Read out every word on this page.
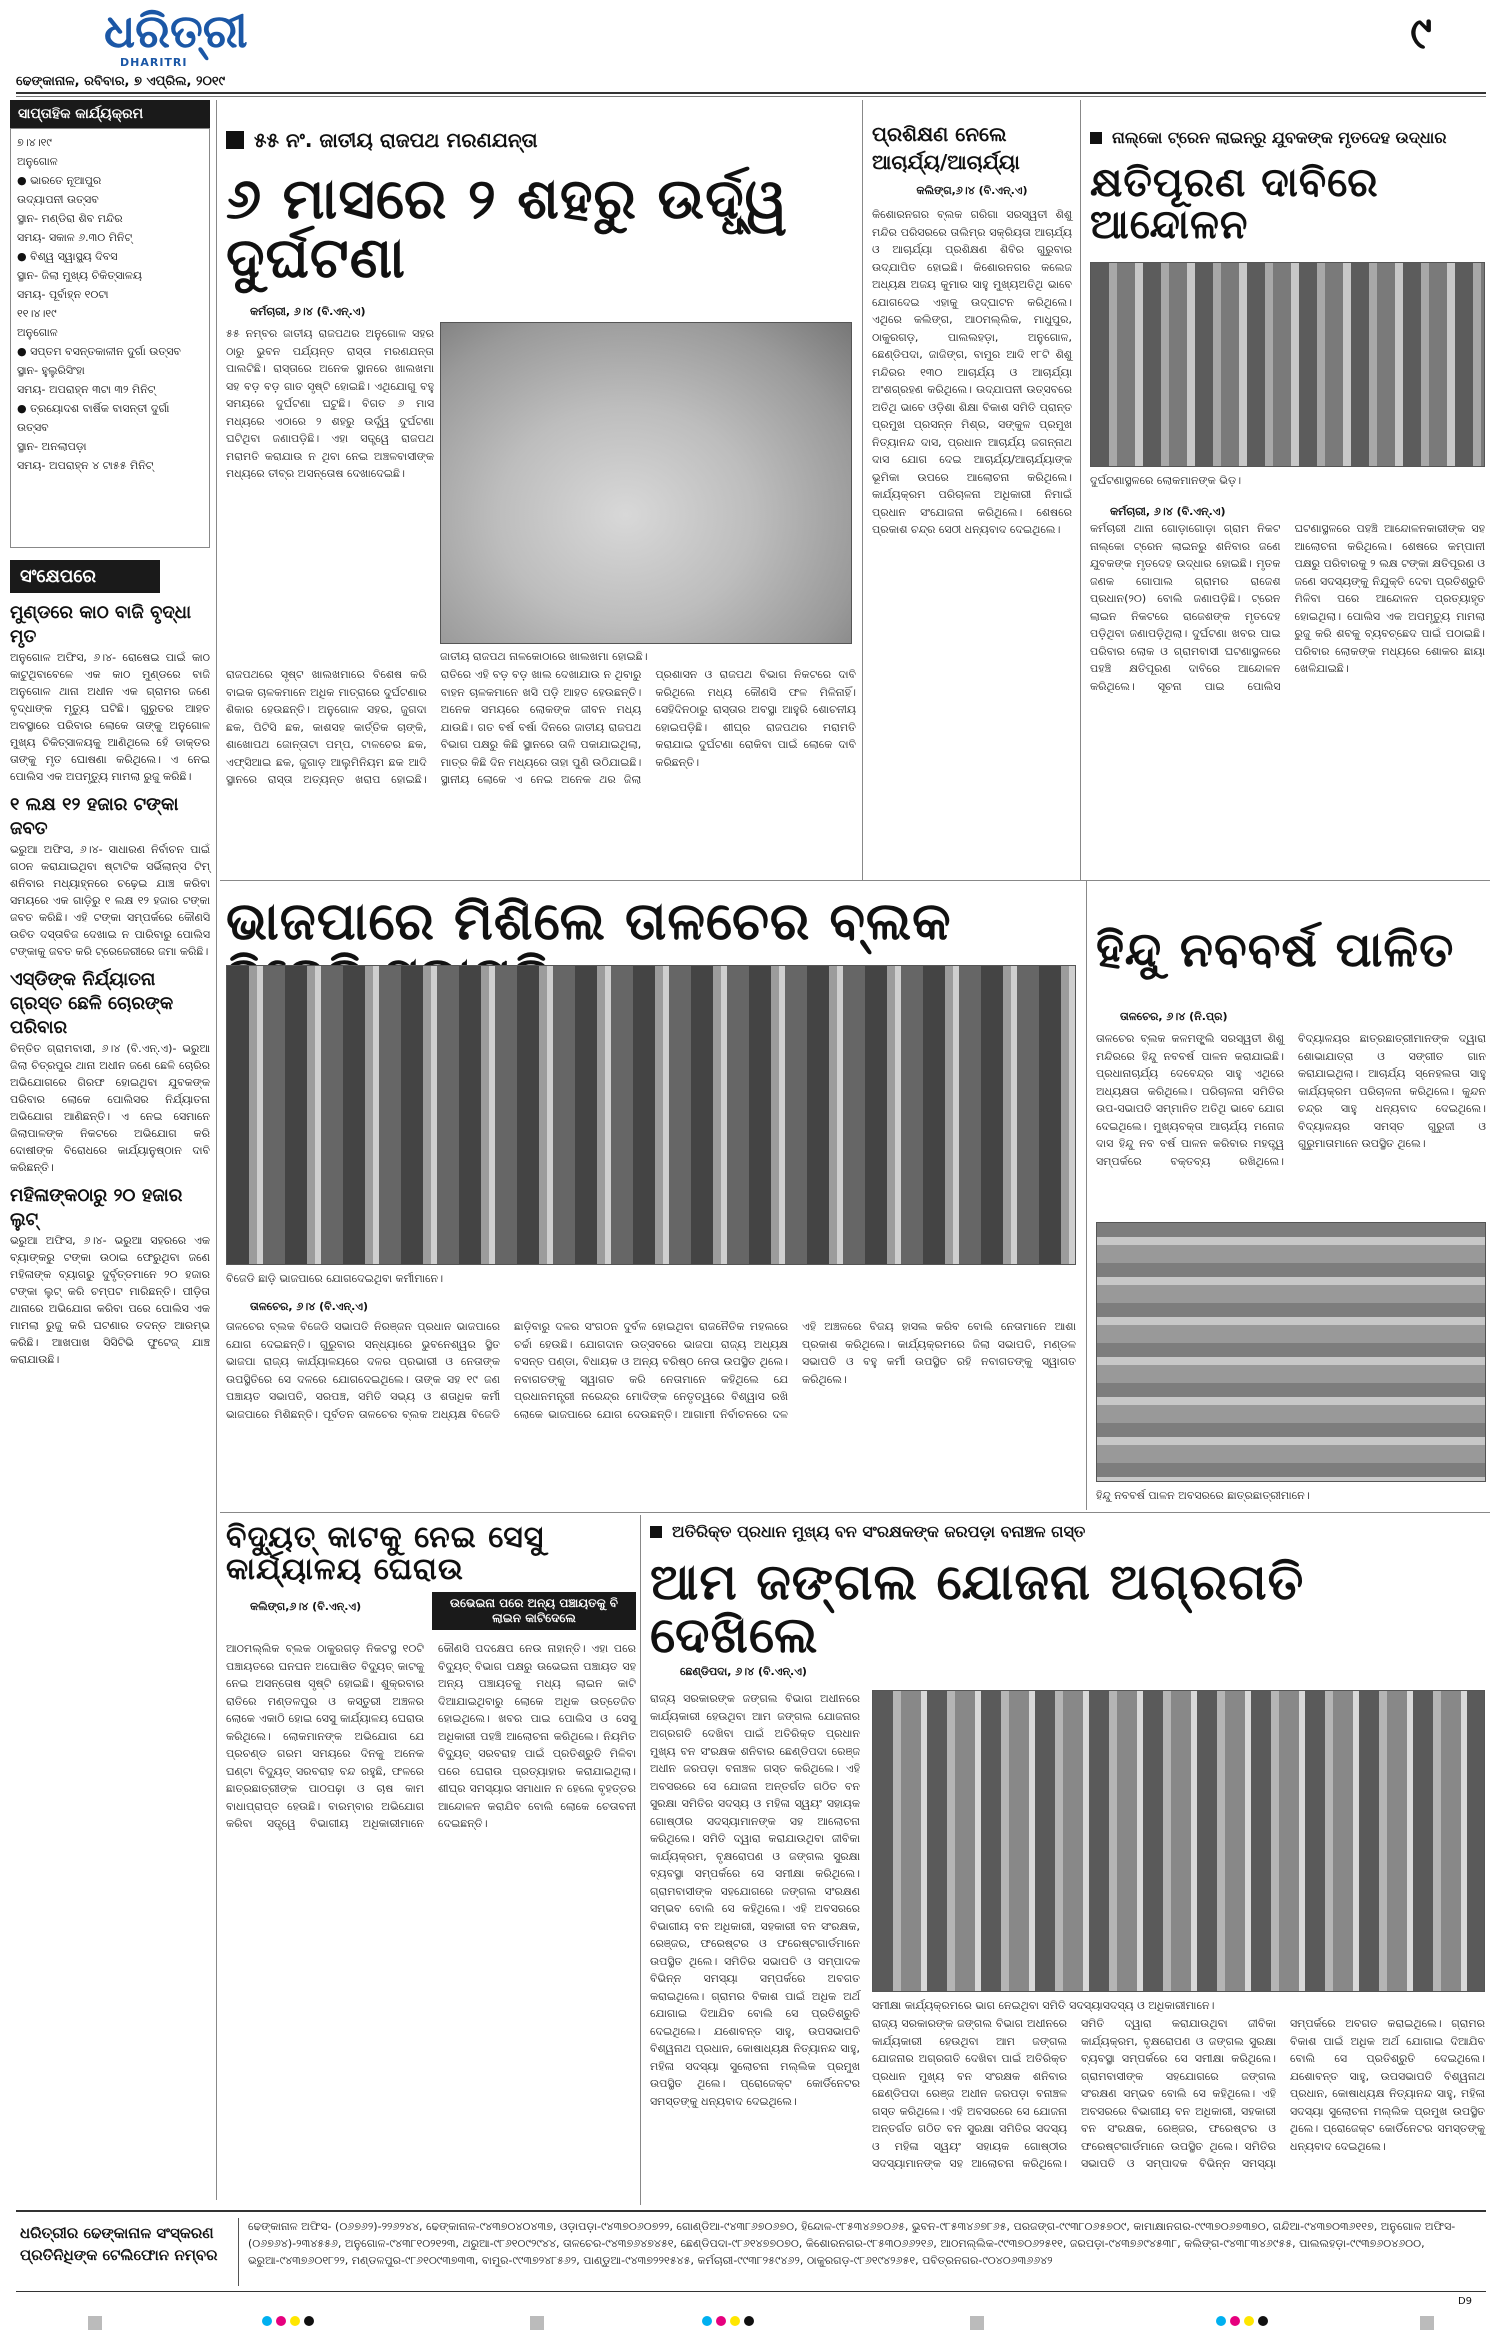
ଧରିତ୍ରୀ
DHARITRI
୯
ଢେଙ୍କାନାଳ, ରବିବାର, ୭ ଏପ୍ରିଲ, ୨୦୧୯
ସାପ୍ତାହିକ କାର୍ଯ୍ୟକ୍ରମ
୭।୪।୧୯
ଅନୁଗୋଳ
● ଭାରତେ ନୂଆପୁର
ଉଦ୍ୟାପନୀ ଉତ୍ସବ
ସ୍ଥାନ- ମଣ୍ଡିରା ଶିବ ମନ୍ଦିର
ସମୟ- ସକାଳ ୬.୩୦ ମିନିଟ୍
● ବିଶ୍ୱ ସ୍ୱାସ୍ଥ୍ୟ ଦିବସ
ସ୍ଥାନ- ଜିଲା ମୁଖ୍ୟ ଚିକିତ୍ସାଳୟ
ସମୟ- ପୂର୍ବାହ୍ନ ୧୦ଟା
୧୧।୪।୧୯
ଅନୁଗୋଳ
● ସପ୍ତମ ବସନ୍ତକାଳୀନ ଦୁର୍ଗା ଉତ୍ସବ
ସ୍ଥାନ- ହୁଲୁରିସିଂହା
ସମୟ- ଅପରାହ୍ନ ୩ଟା ୩୨ ମିନିଟ୍
● ତ୍ରୟୋଦଶ ବାର୍ଷିକ ବାସନ୍ତୀ ଦୁର୍ଗା
ଉତ୍ସବ
ସ୍ଥାନ- ଅନଲାପଡ଼ା
ସମୟ- ଅପରାହ୍ନ ୪ ଟା୫୫ ମିନିଟ୍
ସଂକ୍ଷେପରେ
ମୁଣ୍ଡରେ କାଠ ବାଜି ବୃଦ୍ଧା ମୃତ

ଅନୁଗୋଳ ଅଫିସ, ୬।୪- ରୋଷେଇ ପାଇଁ କାଠ କାଟୁଥିବାବେଳେ ଏକ କାଠ ମୁଣ୍ଡରେ ବାଜି ଅନୁଗୋଳ ଥାନା ଅଧୀନ ଏକ ଗ୍ରାମର ଜଣେ ବୃଦ୍ଧାଙ୍କ ମୃତ୍ୟୁ ଘଟିଛି। ଗୁରୁତର ଆହତ ଅବସ୍ଥାରେ ପରିବାର ଲୋକେ ତାଙ୍କୁ ଅନୁଗୋଳ ମୁଖ୍ୟ ଚିକିତ୍ସାଳୟକୁ ଆଣିଥିଲେ ହେଁ ଡାକ୍ତର ତାଙ୍କୁ ମୃତ ଘୋଷଣା କରିଥିଲେ। ଏ ନେଇ ପୋଲିସ ଏକ ଅପମୃତ୍ୟୁ ମାମଲା ରୁଜୁ କରିଛି।

୧ ଲକ୍ଷ ୧୨ ହଜାର ଟଙ୍କା ଜବତ

ଭରୁଆ ଅଫିସ, ୬।୪- ସାଧାରଣ ନିର୍ବାଚନ ପାଇଁ ଗଠନ କରାଯାଇଥିବା ଷ୍ଟାଟିକ ସର୍ଭିଲାନ୍ସ ଟିମ୍ ଶନିବାର ମଧ୍ୟାହ୍ନରେ ଚଢ଼େଇ ଯାଞ୍ଚ କରିବା ସମୟରେ ଏକ ଗାଡ଼ିରୁ ୧ ଲକ୍ଷ ୧୨ ହଜାର ଟଙ୍କା ଜବତ କରିଛି। ଏହି ଟଙ୍କା ସମ୍ପର୍କରେ କୌଣସି ଉଚିତ ଦସ୍ତାବିଜ ଦେଖାଇ ନ ପାରିବାରୁ ପୋଲିସ ଟଙ୍କାକୁ ଜବତ କରି ଟ୍ରେଜେରୀରେ ଜମା କରିଛି।

ଏସ୍‌ଡିଙ୍କ ନିର୍ଯ୍ୟାତନା ଗ୍ରସ୍ତ ଛେଳି ଚୋରଙ୍କ ପରିବାର

ଚିନ୍ତିତ ଗ୍ରାମବାସୀ, ୬।୪ (ବି.ଏନ୍.ଏ)- ଭରୁଆ ଜିଲା ଚିତ୍ରପୁର ଥାନା ଅଧୀନ ଜଣେ ଛେଳି ଚୋରିର ଅଭିଯୋଗରେ ଗିରଫ ହୋଇଥିବା ଯୁବକଙ୍କ ପରିବାର ଲୋକେ ପୋଲିସର ନିର୍ଯ୍ୟାତନା ଅଭିଯୋଗ ଆଣିଛନ୍ତି। ଏ ନେଇ ସେମାନେ ଜିଲାପାଳଙ୍କ ନିକଟରେ ଅଭିଯୋଗ କରି ଦୋଷୀଙ୍କ ବିରୋଧରେ କାର୍ଯ୍ୟାନୁଷ୍ଠାନ ଦାବି କରିଛନ୍ତି।

ମହିଳାଙ୍କଠାରୁ ୨୦ ହଜାର ଲୁଟ୍

ଭରୁଆ ଅଫିସ, ୬।୪- ଭରୁଆ ସହରରେ ଏକ ବ୍ୟାଙ୍କରୁ ଟଙ୍କା ଉଠାଇ ଫେରୁଥିବା ଜଣେ ମହିଳାଙ୍କ ବ୍ୟାଗରୁ ଦୁର୍ବୃତ୍ତମାନେ ୨୦ ହଜାର ଟଙ୍କା ଲୁଟ୍ କରି ଚମ୍ପଟ ମାରିଛନ୍ତି। ପୀଡ଼ିତା ଥାନାରେ ଅଭିଯୋଗ କରିବା ପରେ ପୋଲିସ ଏକ ମାମଲା ରୁଜୁ କରି ଘଟଣାର ତଦନ୍ତ ଆରମ୍ଭ କରିଛି। ଆଖପାଖ ସିସିଟିଭି ଫୁଟେଜ୍ ଯାଞ୍ଚ କରାଯାଉଛି।

୫୫ ନଂ. ଜାତୀୟ ରାଜପଥ ମରଣଯନ୍ତା
୬ ମାସରେ ୨ ଶହରୁ ଉର୍ଦ୍ଧ୍ୱ ଦୁର୍ଘଟଣା
କର୍ମଚାରୀ, ୬।୪ (ବି.ଏନ୍.ଏ)
୫୫ ନମ୍ବର ଜାତୀୟ ରାଜପଥର ଅନୁଗୋଳ ସହର ଠାରୁ ଭୁବନ ପର୍ଯ୍ୟନ୍ତ ରାସ୍ତା ମରଣଯନ୍ତା ପାଲଟିଛି। ରାସ୍ତାରେ ଅନେକ ସ୍ଥାନରେ ଖାଲଖମା ସହ ବଡ଼ ବଡ଼ ଗାତ ସୃଷ୍ଟି ହୋଇଛି। ଏଥିଯୋଗୁ ବହୁ ସମୟରେ ଦୁର୍ଘଟଣା ଘଟୁଛି। ବିଗତ ୬ ମାସ ମଧ୍ୟରେ ଏଠାରେ ୨ ଶହରୁ ଉର୍ଦ୍ଧ୍ୱ ଦୁର୍ଘଟଣା ଘଟିଥିବା ଜଣାପଡ଼ିଛି। ଏହା ସତ୍ତ୍ୱେ ରାଜପଥ ମରାମତି କରାଯାଉ ନ ଥିବା ନେଇ ଅଞ୍ଚଳବାସୀଙ୍କ ମଧ୍ୟରେ ତୀବ୍ର ଅସନ୍ତୋଷ ଦେଖାଦେଇଛି।
ଜାତୀୟ ରାଜପଥ ନାଳକୋଠାରେ ଖାଲଖମା ହୋଇଛି।
ରାଜପଥରେ ସୃଷ୍ଟ ଖାଲଖମାରେ ବିଶେଷ କରି ବାଇକ ଚାଳକମାନେ ଅଧିକ ମାତ୍ରାରେ ଦୁର୍ଘଟଣାର ଶିକାର ହେଉଛନ୍ତି। ଅନୁଗୋଳ ସହର, ଜୁଗଦା ଛକ, ପିଟିସି ଛକ, କାଶସହ କାର୍ତ୍ତିକ ଚାଙ୍କି, ଶାଖୋପଥ ଜୋନ୍ତାଟା ପମ୍ପ, ଟାଳଚେର ଛକ, ଏଫ୍‌ସିଆଇ ଛକ, ଜୁଗାଡ଼ ଆଲୁମିନିୟମ ଛକ ଆଦି ସ୍ଥାନରେ ରାସ୍ତା ଅତ୍ୟନ୍ତ ଖରାପ ହୋଇଛି। ରାତିରେ ଏହି ବଡ଼ ବଡ଼ ଖାଲ ଦେଖାଯାଉ ନ ଥିବାରୁ ବାହନ ଚାଳକମାନେ ଖସି ପଡ଼ି ଆହତ ହେଉଛନ୍ତି। ଅନେକ ସମୟରେ ଲୋକଙ୍କ ଜୀବନ ମଧ୍ୟ ଯାଉଛି। ଗତ ବର୍ଷ ବର୍ଷା ଦିନରେ ଜାତୀୟ ରାଜପଥ ବିଭାଗ ପକ୍ଷରୁ କିଛି ସ୍ଥାନରେ ତାଳି ପକାଯାଇଥିଲା, ମାତ୍ର କିଛି ଦିନ ମଧ୍ୟରେ ତାହା ପୁଣି ଉଠିଯାଇଛି। ସ୍ଥାନୀୟ ଲୋକେ ଏ ନେଇ ଅନେକ ଥର ଜିଲା ପ୍ରଶାସନ ଓ ରାଜପଥ ବିଭାଗ ନିକଟରେ ଦାବି କରିଥିଲେ ମଧ୍ୟ କୌଣସି ଫଳ ମିଳିନାହିଁ। ସେହିଦିନଠାରୁ ରାସ୍ତାର ଅବସ୍ଥା ଆହୁରି ଶୋଚନୀୟ ହୋଇପଡ଼ିଛି। ଶୀଘ୍ର ରାଜପଥର ମରାମତି କରାଯାଇ ଦୁର୍ଘଟଣା ରୋକିବା ପାଇଁ ଲୋକେ ଦାବି କରିଛନ୍ତି।
ପ୍ରଶିକ୍ଷଣ ନେଲେ ଆଚାର୍ଯ୍ୟ/ଆଚାର୍ଯ୍ୟା
କଲିଙ୍ଗ,୬।୪ (ବି.ଏନ୍.ଏ)
କିଶୋରନଗର ବ୍ଲକ ଗରିଗା ସରସ୍ୱତୀ ଶିଶୁ ମନ୍ଦିର ପରିସରରେ ତାଲିମ୍‌ର ସକ୍ରିୟତା ଆଚାର୍ଯ୍ୟ ଓ ଆଚାର୍ଯ୍ୟା ପ୍ରଶିକ୍ଷଣ ଶିବିର ଗୁରୁବାର ଉଦ୍‌ଯାପିତ ହୋଇଛି। କିଶୋରନଗର କଲେଜ ଅଧ୍ୟକ୍ଷ ଅଜୟ କୁମାର ସାହୁ ମୁଖ୍ୟଅତିଥି ଭାବେ ଯୋଗଦେଇ ଏହାକୁ ଉଦ୍‌ଘାଟନ କରିଥିଲେ। ଏଥିରେ କଲିଙ୍ଗ, ଆଠମଲ୍ଲିକ, ମାଧୁପୁର, ଠାକୁରଗଡ଼, ପାଲଲହଡ଼ା, ଅନୁଗୋଳ, ଛେଣ୍ଡିପଦା, ଜାଜିଙ୍ଗ, ବାମୁର ଆଦି ୧୮ଟି ଶିଶୁ ମନ୍ଦିରର ୧୩୦ ଆଚାର୍ଯ୍ୟ ଓ ଆଚାର୍ଯ୍ୟା ଅଂଶଗ୍ରହଣ କରିଥିଲେ। ଉଦ୍‌ଯାପନୀ ଉତ୍ସବରେ ଅତିଥି ଭାବେ ଓଡ଼ିଶା ଶିକ୍ଷା ବିକାଶ ସମିତି ପ୍ରାନ୍ତ ପ୍ରମୁଖ ପ୍ରସନ୍ନ ମିଶ୍ର, ସଙ୍କୁଳ ପ୍ରମୁଖ ନିତ୍ୟାନନ୍ଦ ଦାସ, ପ୍ରଧାନ ଆଚାର୍ଯ୍ୟ ଜଗନ୍ନାଥ ଦାସ ଯୋଗ ଦେଇ ଆଚାର୍ଯ୍ୟ/ଆଚାର୍ଯ୍ୟାଙ୍କ ଭୂମିକା ଉପରେ ଆଲୋଚନା କରିଥିଲେ। କାର୍ଯ୍ୟକ୍ରମ ପରିଚାଳନା ଅଧିକାରୀ ନିମାଇଁ ପ୍ରଧାନ ସଂଯୋଜନା କରିଥିଲେ। ଶେଷରେ ପ୍ରକାଶ ଚନ୍ଦ୍ର ସେଠୀ ଧନ୍ୟବାଦ ଦେଇଥିଲେ।
ନାଲ୍‌କୋ ଟ୍ରେନ ଲାଇନ୍‌ରୁ ଯୁବକଙ୍କ ମୃତଦେହ ଉଦ୍ଧାର
କ୍ଷତିପୂରଣ ଦାବିରେ ଆନ୍ଦୋଳନ
ଦୁର୍ଘଟଣାସ୍ଥଳରେ ଲୋକମାନଙ୍କ ଭିଡ଼।
କର୍ମଚାରୀ, ୬।୪ (ବି.ଏନ୍.ଏ)
କର୍ମଚାରୀ ଥାନା ଗୋଡ଼ାଗୋଡ଼ା ଗ୍ରାମ ନିକଟ ନାଲ୍‌କୋ ଟ୍ରେନ ଲାଇନରୁ ଶନିବାର ଜଣେ ଯୁବକଙ୍କ ମୃତଦେହ ଉଦ୍ଧାର ହୋଇଛି। ମୃତକ ଜଣକ ଗୋପାଲ ଗ୍ରାମର ରାଜେଶ ପ୍ରଧାନ(୨୦) ବୋଲି ଜଣାପଡ଼ିଛି। ଟ୍ରେନ ଲାଇନ ନିକଟରେ ରାଜେଶଙ୍କ ମୃତଦେହ ପଡ଼ିଥିବା ଜଣାପଡ଼ିଥିଲା। ଦୁର୍ଘଟଣା ଖବର ପାଇ ପରିବାର ଲୋକ ଓ ଗ୍ରାମବାସୀ ଘଟଣାସ୍ଥଳରେ ପହଞ୍ଚି କ୍ଷତିପୂରଣ ଦାବିରେ ଆନ୍ଦୋଳନ କରିଥିଲେ। ସୂଚନା ପାଇ ପୋଲିସ ଘଟଣାସ୍ଥଳରେ ପହଞ୍ଚି ଆନ୍ଦୋଳନକାରୀଙ୍କ ସହ ଆଲୋଚନା କରିଥିଲେ। ଶେଷରେ କମ୍ପାନୀ ପକ୍ଷରୁ ପରିବାରକୁ ୨ ଲକ୍ଷ ଟଙ୍କା କ୍ଷତିପୂରଣ ଓ ଜଣେ ସଦସ୍ୟଙ୍କୁ ନିଯୁକ୍ତି ଦେବା ପ୍ରତିଶ୍ରୁତି ମିଳିବା ପରେ ଆନ୍ଦୋଳନ ପ୍ରତ୍ୟାହୃତ ହୋଇଥିଲା। ପୋଲିସ ଏକ ଅପମୃତ୍ୟୁ ମାମଲା ରୁଜୁ କରି ଶବକୁ ବ୍ୟବଚ୍ଛେଦ ପାଇଁ ପଠାଇଛି। ପରିବାର ଲୋକଙ୍କ ମଧ୍ୟରେ ଶୋକର ଛାୟା ଖେଳିଯାଇଛି।
ଭାଜପାରେ ମିଶିଲେ ତାଳଚେର ବ୍ଲକ
ବିଜେଡି ଛାଡ଼ି ଭାଜପାରେ ଯୋଗଦେଇଥିବା କର୍ମୀମାନେ।
ତାଳଚେର, ୬।୪ (ବି.ଏନ୍.ଏ)
ତାଳଚେର ବ୍ଲକ ବିଜେଡି ସଭାପତି ନିରଞ୍ଜନ ପ୍ରଧାନ ଭାଜପାରେ ଯୋଗ ଦେଇଛନ୍ତି। ଗୁରୁବାର ସନ୍ଧ୍ୟାରେ ଭୁବନେଶ୍ୱର ସ୍ଥିତ ଭାଜପା ରାଜ୍ୟ କାର୍ଯ୍ୟାଳୟରେ ଦଳର ପ୍ରଭାରୀ ଓ ନେତାଙ୍କ ଉପସ୍ଥିତିରେ ସେ ଦଳରେ ଯୋଗଦେଇଥିଲେ। ତାଙ୍କ ସହ ୧୯ ଜଣ ପଞ୍ଚାୟତ ସଭାପତି, ସରପଞ୍ଚ, ସମିତି ସଭ୍ୟ ଓ ଶତାଧିକ କର୍ମୀ ଭାଜପାରେ ମିଶିଛନ୍ତି। ପୂର୍ବତନ ତାଳଚେର ବ୍ଲକ ଅଧ୍ୟକ୍ଷ ବିଜେଡି ଛାଡ଼ିବାରୁ ଦଳର ସଂଗଠନ ଦୁର୍ବଳ ହୋଇଥିବା ରାଜନୈତିକ ମହଲରେ ଚର୍ଚ୍ଚା ହେଉଛି। ଯୋଗଦାନ ଉତ୍ସବରେ ଭାଜପା ରାଜ୍ୟ ଅଧ୍ୟକ୍ଷ ବସନ୍ତ ପଣ୍ଡା, ବିଧାୟକ ଓ ଅନ୍ୟ ବରିଷ୍ଠ ନେତା ଉପସ୍ଥିତ ଥିଲେ। ନବାଗତଙ୍କୁ ସ୍ୱାଗତ କରି ନେତାମାନେ କହିଥିଲେ ଯେ ପ୍ରଧାନମନ୍ତ୍ରୀ ନରେନ୍ଦ୍ର ମୋଦିଙ୍କ ନେତୃତ୍ୱରେ ବିଶ୍ୱାସ ରଖି ଲୋକେ ଭାଜପାରେ ଯୋଗ ଦେଉଛନ୍ତି। ଆଗାମୀ ନିର୍ବାଚନରେ ଦଳ ଏହି ଅଞ୍ଚଳରେ ବିଜୟ ହାସଲ କରିବ ବୋଲି ନେତାମାନେ ଆଶା ପ୍ରକାଶ କରିଥିଲେ। କାର୍ଯ୍ୟକ୍ରମରେ ଜିଲା ସଭାପତି, ମଣ୍ଡଳ ସଭାପତି ଓ ବହୁ କର୍ମୀ ଉପସ୍ଥିତ ରହି ନବାଗତଙ୍କୁ ସ୍ୱାଗତ କରିଥିଲେ।
ହିନ୍ଦୁ ନବବର୍ଷ ପାଳିତ
ତାଳଚେର, ୬।୪ (ନି.ପ୍ର)
ତାଳଚେର ବ୍ଲକ କଳମଙ୍ଗ୍ଲି ସରସ୍ୱତୀ ଶିଶୁ ମନ୍ଦିରରେ ହିନ୍ଦୁ ନବବର୍ଷ ପାଳନ କରାଯାଇଛି। ପ୍ରଧାନାଚାର୍ଯ୍ୟ ଦେବେନ୍ଦ୍ର ସାହୁ ଏଥିରେ ଅଧ୍ୟକ୍ଷତା କରିଥିଲେ। ପରିଚାଳନା ସମିତିର ଉପ-ସଭାପତି ସମ୍ମାନିତ ଅତିଥି ଭାବେ ଯୋଗ ଦେଇଥିଲେ। ମୁଖ୍ୟବକ୍ତା ଆଚାର୍ଯ୍ୟ ମନୋଜ ଦାସ ହିନ୍ଦୁ ନବ ବର୍ଷ ପାଳନ କରିବାର ମହତ୍ତ୍ୱ ସମ୍ପର୍କରେ ବକ୍ତବ୍ୟ ରଖିଥିଲେ। ବିଦ୍ୟାଳୟର ଛାତ୍ରଛାତ୍ରୀମାନଙ୍କ ଦ୍ୱାରା ଶୋଭାଯାତ୍ରା ଓ ସଙ୍ଗୀତ ଗାନ କରାଯାଇଥିଲା। ଆଚାର୍ଯ୍ୟ ସ୍ନେହଲତା ସାହୁ କାର୍ଯ୍ୟକ୍ରମ ପରିଚାଳନା କରିଥିଲେ। କୁନ୍ଦନ ଚନ୍ଦ୍ର ସାହୁ ଧନ୍ୟବାଦ ଦେଇଥିଲେ। ବିଦ୍ୟାଳୟର ସମସ୍ତ ଗୁରୁଜୀ ଓ ଗୁରୁମାତାମାନେ ଉପସ୍ଥିତ ଥିଲେ।
ହିନ୍ଦୁ ନବବର୍ଷ ପାଳନ ଅବସରରେ ଛାତ୍ରଛାତ୍ରୀମାନେ।
ବିଦ୍ୟୁତ୍ କାଟକୁ ନେଇ ସେସୁ କାର୍ଯ୍ୟାଳୟ ଘେରାଉ
କଲିଙ୍ଗ,୬।୪ (ବି.ଏନ୍.ଏ)	ଉଭେଇନା ପରେ ଅନ୍ୟ ପଞ୍ଚାୟତକୁ ବି ଲାଇନ କାଟିଦେଲେ
ଆଠମଲ୍ଲିକ ବ୍ଲକ ଠାକୁରଗଡ଼ ନିକଟସ୍ଥ ୧୦ଟି ପଞ୍ଚାୟତରେ ଘନଘନ ଅଘୋଷିତ ବିଦ୍ୟୁତ୍ କାଟକୁ ନେଇ ଅସନ୍ତୋଷ ସୃଷ୍ଟି ହୋଇଛି। ଶୁକ୍ରବାର ରାତିରେ ମଣ୍ଡଳପୁର ଓ କସ୍ତୁରୀ ଅଞ୍ଚଳର ଲୋକେ ଏକାଠି ହୋଇ ସେସୁ କାର୍ଯ୍ୟାଳୟ ଘେରାଉ କରିଥିଲେ। ଲୋକମାନଙ୍କ ଅଭିଯୋଗ ଯେ ପ୍ରଚଣ୍ଡ ଗରମ ସମୟରେ ଦିନକୁ ଅନେକ ଘଣ୍ଟା ବିଦ୍ୟୁତ୍ ସରବରାହ ବନ୍ଦ ରହୁଛି, ଫଳରେ ଛାତ୍ରଛାତ୍ରୀଙ୍କ ପାଠପଢ଼ା ଓ ଚାଷ କାମ ବାଧାପ୍ରାପ୍ତ ହେଉଛି। ବାରମ୍ବାର ଅଭିଯୋଗ କରିବା ସତ୍ତ୍ୱେ ବିଭାଗୀୟ ଅଧିକାରୀମାନେ କୌଣସି ପଦକ୍ଷେପ ନେଉ ନାହାନ୍ତି। ଏହା ପରେ ବିଦ୍ୟୁତ୍ ବିଭାଗ ପକ୍ଷରୁ ଉଭେଇନା ପଞ୍ଚାୟତ ସହ ଅନ୍ୟ ପଞ୍ଚାୟତକୁ ମଧ୍ୟ ଲାଇନ କାଟି ଦିଆଯାଇଥିବାରୁ ଲୋକେ ଅଧିକ ଉତ୍ତେଜିତ ହୋଇଥିଲେ। ଖବର ପାଇ ପୋଲିସ ଓ ସେସୁ ଅଧିକାରୀ ପହଞ୍ଚି ଆଲୋଚନା କରିଥିଲେ। ନିୟମିତ ବିଦ୍ୟୁତ୍ ସରବରାହ ପାଇଁ ପ୍ରତିଶ୍ରୁତି ମିଳିବା ପରେ ଘେରାଉ ପ୍ରତ୍ୟାହାର କରାଯାଇଥିଲା। ଶୀଘ୍ର ସମସ୍ୟାର ସମାଧାନ ନ ହେଲେ ବୃହତ୍ତର ଆନ୍ଦୋଳନ କରାଯିବ ବୋଲି ଲୋକେ ଚେତାବନୀ ଦେଇଛନ୍ତି।
ଅତିରିକ୍ତ ପ୍ରଧାନ ମୁଖ୍ୟ ବନ ସଂରକ୍ଷକଙ୍କ ଜରପଡ଼ା ବନାଞ୍ଚଳ ଗସ୍ତ
ଆମ ଜଙ୍ଗଲ ଯୋଜନା ଅଗ୍ରଗତି ଦେଖିଲେ
ଛେଣ୍ଡିପଦା, ୬।୪ (ବି.ଏନ୍.ଏ)
ରାଜ୍ୟ ସରକାରଙ୍କ ଜଙ୍ଗଲ ବିଭାଗ ଅଧୀନରେ କାର୍ଯ୍ୟକାରୀ ହେଉଥିବା ଆମ ଜଙ୍ଗଲ ଯୋଜନାର ଅଗ୍ରଗତି ଦେଖିବା ପାଇଁ ଅତିରିକ୍ତ ପ୍ରଧାନ ମୁଖ୍ୟ ବନ ସଂରକ୍ଷକ ଶନିବାର ଛେଣ୍ଡିପଦା ରେଞ୍ଜ ଅଧୀନ ଜରପଡ଼ା ବନାଞ୍ଚଳ ଗସ୍ତ କରିଥିଲେ। ଏହି ଅବସରରେ ସେ ଯୋଜନା ଅନ୍ତର୍ଗତ ଗଠିତ ବନ ସୁରକ୍ଷା ସମିତିର ସଦସ୍ୟ ଓ ମହିଳା ସ୍ୱୟଂ ସହାୟକ ଗୋଷ୍ଠୀର ସଦସ୍ୟାମାନଙ୍କ ସହ ଆଲୋଚନା କରିଥିଲେ। ସମିତି ଦ୍ୱାରା କରାଯାଉଥିବା ଜୀବିକା କାର୍ଯ୍ୟକ୍ରମ, ବୃକ୍ଷରୋପଣ ଓ ଜଙ୍ଗଲ ସୁରକ୍ଷା ବ୍ୟବସ୍ଥା ସମ୍ପର୍କରେ ସେ ସମୀକ୍ଷା କରିଥିଲେ। ଗ୍ରାମବାସୀଙ୍କ ସହଯୋଗରେ ଜଙ୍ଗଲ ସଂରକ୍ଷଣ ସମ୍ଭବ ବୋଲି ସେ କହିଥିଲେ। ଏହି ଅବସରରେ ବିଭାଗୀୟ ବନ ଅଧିକାରୀ, ସହକାରୀ ବନ ସଂରକ୍ଷକ, ରେଞ୍ଜର, ଫରେଷ୍ଟର ଓ ଫରେଷ୍ଟଗାର୍ଡମାନେ ଉପସ୍ଥିତ ଥିଲେ। ସମିତିର ସଭାପତି ଓ ସମ୍ପାଦକ ବିଭିନ୍ନ ସମସ୍ୟା ସମ୍ପର୍କରେ ଅବଗତ କରାଇଥିଲେ। ଗ୍ରାମର ବିକାଶ ପାଇଁ ଅଧିକ ଅର୍ଥ ଯୋଗାଇ ଦିଆଯିବ ବୋଲି ସେ ପ୍ରତିଶ୍ରୁତି ଦେଇଥିଲେ। ଯଶୋବନ୍ତ ସାହୁ, ଉପସଭାପତି ବିଶ୍ୱନାଥ ପ୍ରଧାନ, କୋଷାଧ୍ୟକ୍ଷ ନିତ୍ୟାନନ୍ଦ ସାହୁ, ମହିଳା ସଦସ୍ୟା ସୁଲୋଚନା ମଲ୍ଲିକ ପ୍ରମୁଖ ଉପସ୍ଥିତ ଥିଲେ। ପ୍ରୋଜେକ୍ଟ କୋର୍ଡିନେଟର ସମସ୍ତଙ୍କୁ ଧନ୍ୟବାଦ ଦେଇଥିଲେ।
ସମୀକ୍ଷା କାର୍ଯ୍ୟକ୍ରମରେ ଭାଗ ନେଇଥିବା ସମିତି ସଦସ୍ୟାସଦସ୍ୟ ଓ ଅଧିକାରୀମାନେ।
ରାଜ୍ୟ ସରକାରଙ୍କ ଜଙ୍ଗଲ ବିଭାଗ ଅଧୀନରେ କାର୍ଯ୍ୟକାରୀ ହେଉଥିବା ଆମ ଜଙ୍ଗଲ ଯୋଜନାର ଅଗ୍ରଗତି ଦେଖିବା ପାଇଁ ଅତିରିକ୍ତ ପ୍ରଧାନ ମୁଖ୍ୟ ବନ ସଂରକ୍ଷକ ଶନିବାର ଛେଣ୍ଡିପଦା ରେଞ୍ଜ ଅଧୀନ ଜରପଡ଼ା ବନାଞ୍ଚଳ ଗସ୍ତ କରିଥିଲେ। ଏହି ଅବସରରେ ସେ ଯୋଜନା ଅନ୍ତର୍ଗତ ଗଠିତ ବନ ସୁରକ୍ଷା ସମିତିର ସଦସ୍ୟ ଓ ମହିଳା ସ୍ୱୟଂ ସହାୟକ ଗୋଷ୍ଠୀର ସଦସ୍ୟାମାନଙ୍କ ସହ ଆଲୋଚନା କରିଥିଲେ। ସମିତି ଦ୍ୱାରା କରାଯାଉଥିବା ଜୀବିକା କାର୍ଯ୍ୟକ୍ରମ, ବୃକ୍ଷରୋପଣ ଓ ଜଙ୍ଗଲ ସୁରକ୍ଷା ବ୍ୟବସ୍ଥା ସମ୍ପର୍କରେ ସେ ସମୀକ୍ଷା କରିଥିଲେ। ଗ୍ରାମବାସୀଙ୍କ ସହଯୋଗରେ ଜଙ୍ଗଲ ସଂରକ୍ଷଣ ସମ୍ଭବ ବୋଲି ସେ କହିଥିଲେ। ଏହି ଅବସରରେ ବିଭାଗୀୟ ବନ ଅଧିକାରୀ, ସହକାରୀ ବନ ସଂରକ୍ଷକ, ରେଞ୍ଜର, ଫରେଷ୍ଟର ଓ ଫରେଷ୍ଟଗାର୍ଡମାନେ ଉପସ୍ଥିତ ଥିଲେ। ସମିତିର ସଭାପତି ଓ ସମ୍ପାଦକ ବିଭିନ୍ନ ସମସ୍ୟା ସମ୍ପର୍କରେ ଅବଗତ କରାଇଥିଲେ। ଗ୍ରାମର ବିକାଶ ପାଇଁ ଅଧିକ ଅର୍ଥ ଯୋଗାଇ ଦିଆଯିବ ବୋଲି ସେ ପ୍ରତିଶ୍ରୁତି ଦେଇଥିଲେ। ଯଶୋବନ୍ତ ସାହୁ, ଉପସଭାପତି ବିଶ୍ୱନାଥ ପ୍ରଧାନ, କୋଷାଧ୍ୟକ୍ଷ ନିତ୍ୟାନନ୍ଦ ସାହୁ, ମହିଳା ସଦସ୍ୟା ସୁଲୋଚନା ମଲ୍ଲିକ ପ୍ରମୁଖ ଉପସ୍ଥିତ ଥିଲେ। ପ୍ରୋଜେକ୍ଟ କୋର୍ଡିନେଟର ସମସ୍ତଙ୍କୁ ଧନ୍ୟବାଦ ଦେଇଥିଲେ।
ଧରିତ୍ରୀର ଢେଙ୍କାନାଳ ସଂସ୍କରଣ ପ୍ରତିନିଧିଙ୍କ ଟେଲିଫୋନ ନମ୍ବର
ଢେଙ୍କାନାଳ ଅଫିସ- (୦୬୭୬୨)-୨୨୬୨୪୪, ଢେଙ୍କାନାଳ-୯୪୩୭୦୪୦୪୩୭, ଓଡ଼ାପଡ଼ା-୯୪୩୭୦୬୦୭୨୨, ଗୋଣ୍ଡିଆ-୯୪୩୮୬୭୦୬୭୦, ହିନ୍ଦୋଳ-୯୮୫୩୪୬୭୦୬୫, ଭୁବନ-୯୮୫୩୪୬୭୮୬୫, ପରଜଙ୍ଗ-୯୯୩୮୦୬୫୭୦୯, କାମାକ୍ଷାନଗର-୯୯୩୭୦୬୭୩୭୦, ଗନ୍ଦିଆ-୯୪୩୭୦୩୬୧୧୭, ଅନୁଗୋଳ ଅଫିସ-(୦୬୭୬୪)-୨୩୪୫୫୬, ଅନୁଗୋଳ-୯୪୩୮୧୦୨୧୨୩, ଥରୁଆ-୯୮୬୧୦୯୨୯୪୪, ତାଳଚେର-୯୪୩୭୬୪୭୪୫୧, ଛେଣ୍ଡିପଦା-୯୮୬୧୪୭୭୦୭୦, କିଶୋରନଗର-୯୮୫୩୦୬୬୨୧୬, ଆଠମଲ୍ଲିକ-୯୯୩୭୦୬୨୫୧୧, ଜରପଡ଼ା-୯୪୩୭୬୯୪୫୩୮, କଲିଙ୍ଗ-୯୪୩୮୩୪୬୯୫୫, ପାଲଲହଡ଼ା-୯୯୩୭୬୦୪୬୦୦, ଭରୁଆ-୯୪୩୭୬୦୧୮୨୨, ମଣ୍ଡଳପୁର-୯୮୬୧୦୯୩୭୩୩, ବାମୁର-୯୯୩୭୨୪୮୫୬୨, ପାଣ୍ଡୁଆ-୯୪୩୭୨୨୧୫୪୫, କର୍ମଚାରୀ-୯୯୩୮୨୫୯୪୬୨, ଠାକୁରଗଡ଼-୯୮୬୧୯୪୨୬୫୧, ପବିତ୍ରନଗର-୯୦୪୦୬୩୬୬୪୨
D9
